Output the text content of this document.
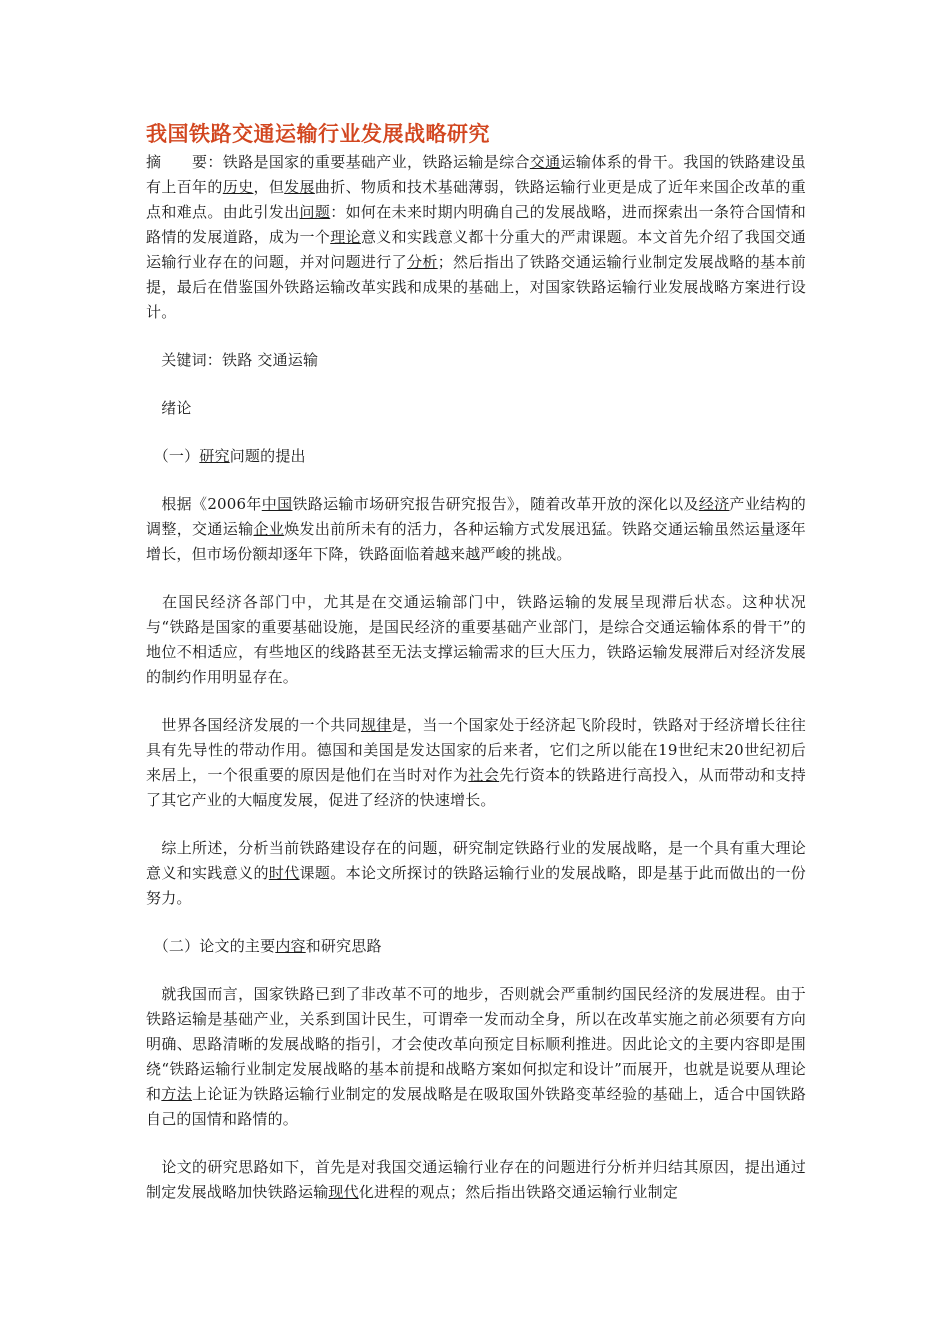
我国铁路交通运输行业发展战略研究

摘　　要：铁路是国家的重要基础产业，铁路运输是综合交通运输体系的骨干。我国的铁路建设虽有上百年的历史，但发展曲折、物质和技术基础薄弱，铁路运输行业更是成了近年来国企改革的重点和难点。由此引发出问题：如何在未来时期内明确自己的发展战略，进而探索出一条符合国情和路情的发展道路，成为一个理论意义和实践意义都十分重大的严肃课题。本文首先介绍了我国交通运输行业存在的问题，并对问题进行了分析；然后指出了铁路交通运输行业制定发展战略的基本前提，最后在借鉴国外铁路运输改革实践和成果的基础上，对国家铁路运输行业发展战略方案进行设计。

　关键词：铁路 交通运输

　绪论

　（一）研究问题的提出

　根据《2006年中国铁路运输市场研究报告研究报告》，随着改革开放的深化以及经济产业结构的调整，交通运输企业焕发出前所未有的活力，各种运输方式发展迅猛。铁路交通运输虽然运量逐年增长，但市场份额却逐年下降，铁路面临着越来越严峻的挑战。

　在国民经济各部门中，尤其是在交通运输部门中，铁路运输的发展呈现滞后状态。这种状况与“铁路是国家的重要基础设施，是国民经济的重要基础产业部门，是综合交通运输体系的骨干”的地位不相适应，有些地区的线路甚至无法支撑运输需求的巨大压力，铁路运输发展滞后对经济发展的制约作用明显存在。

　世界各国经济发展的一个共同规律是，当一个国家处于经济起飞阶段时，铁路对于经济增长往往具有先导性的带动作用。德国和美国是发达国家的后来者，它们之所以能在19世纪末20世纪初后来居上，一个很重要的原因是他们在当时对作为社会先行资本的铁路进行高投入，从而带动和支持了其它产业的大幅度发展，促进了经济的快速增长。

　综上所述，分析当前铁路建设存在的问题，研究制定铁路行业的发展战略，是一个具有重大理论意义和实践意义的时代课题。本论文所探讨的铁路运输行业的发展战略，即是基于此而做出的一份努力。

　（二）论文的主要内容和研究思路

　就我国而言，国家铁路已到了非改革不可的地步，否则就会严重制约国民经济的发展进程。由于铁路运输是基础产业，关系到国计民生，可谓牵一发而动全身，所以在改革实施之前必须要有方向明确、思路清晰的发展战略的指引，才会使改革向预定目标顺利推进。因此论文的主要内容即是围绕“铁路运输行业制定发展战略的基本前提和战略方案如何拟定和设计”而展开，也就是说要从理论和方法上论证为铁路运输行业制定的发展战略是在吸取国外铁路变革经验的基础上，适合中国铁路自己的国情和路情的。

　论文的研究思路如下，首先是对我国交通运输行业存在的问题进行分析并归结其原因，提出通过制定发展战略加快铁路运输现代化进程的观点；然后指出铁路交通运输行业制定
